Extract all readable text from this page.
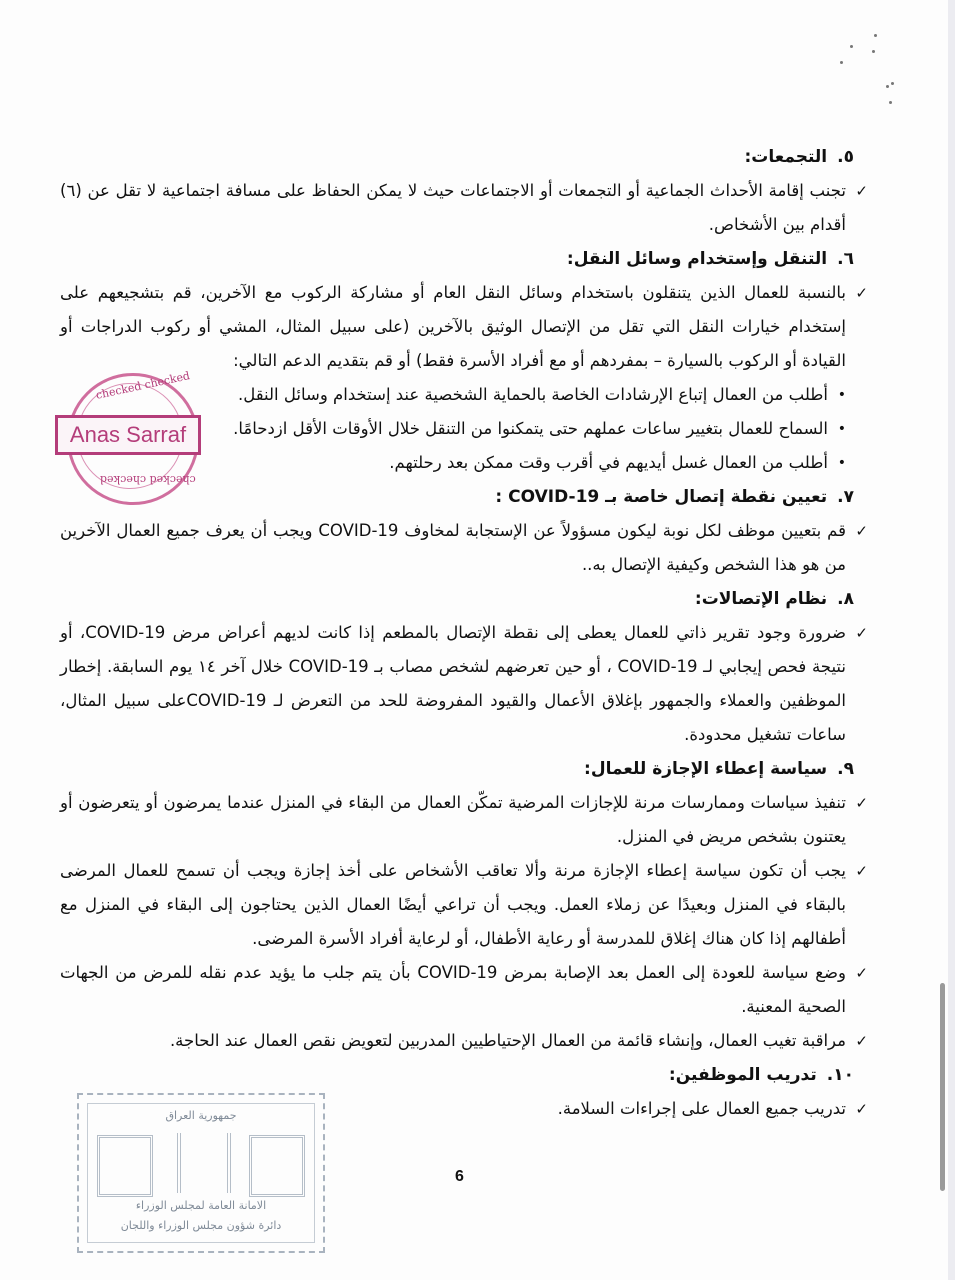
٥.التجمعات:
✓
تجنب إقامة الأحداث الجماعية أو التجمعات أو الاجتماعات حيث لا يمكن الحفاظ على مسافة اجتماعية لا تقل عن (٦) أقدام بين الأشخاص.
٦.التنقل وإستخدام وسائل النقل:
✓
بالنسبة للعمال الذين يتنقلون باستخدام وسائل النقل العام أو مشاركة الركوب مع الآخرين، قم بتشجيعهم على إستخدام خيارات النقل التي تقل من الإتصال الوثيق بالآخرين (على سبيل المثال، المشي أو ركوب الدراجات أو القيادة أو الركوب بالسيارة – بمفردهم أو مع أفراد الأسرة فقط) أو قم بتقديم الدعم التالي:
•
أطلب من العمال إتباع الإرشادات الخاصة بالحماية الشخصية عند إستخدام وسائل النقل.
•
السماح للعمال بتغيير ساعات عملهم حتى يتمكنوا من التنقل خلال الأوقات الأقل ازدحامًا.
•
أطلب من العمال غسل أيديهم في أقرب وقت ممكن بعد رحلتهم.
٧.تعيين نقطة إتصال خاصة بـ COVID-19 :
✓
قم بتعيين موظف لكل نوبة ليكون مسؤولاً عن الإستجابة لمخاوف COVID-19 ويجب أن يعرف جميع العمال الآخرين من هو هذا الشخص وكيفية الإتصال به..
٨.نظام الإتصالات:
✓
ضرورة وجود تقرير ذاتي للعمال يعطى إلى نقطة الإتصال بالمطعم إذا كانت لديهم أعراض مرض COVID-19، أو نتيجة فحص إيجابي لـ COVID-19 ، أو حين تعرضهم لشخص مصاب بـ COVID-19 خلال آخر ١٤ يوم السابقة. إخطار الموظفين والعملاء والجمهور بإغلاق الأعمال والقيود المفروضة للحد من التعرض لـ COVID-19على سبيل المثال، ساعات تشغيل محدودة.
٩.سياسة إعطاء الإجازة للعمال:
✓
تنفيذ سياسات وممارسات مرنة للإجازات المرضية تمكّن العمال من البقاء في المنزل عندما يمرضون أو يتعرضون أو يعتنون بشخص مريض في المنزل.
✓
يجب أن تكون سياسة إعطاء الإجازة مرنة وألا تعاقب الأشخاص على أخذ إجازة ويجب أن تسمح للعمال المرضى بالبقاء في المنزل وبعيدًا عن زملاء العمل. ويجب أن تراعي أيضًا العمال الذين يحتاجون إلى البقاء في المنزل مع أطفالهم إذا كان هناك إغلاق للمدرسة أو رعاية الأطفال، أو لرعاية أفراد الأسرة المرضى.
✓
وضع سياسة للعودة إلى العمل بعد الإصابة بمرض COVID-19 بأن يتم جلب ما يؤيد عدم نقله للمرض من الجهات الصحية المعنية.
✓
مراقبة تغيب العمال، وإنشاء قائمة من العمال الإحتياطيين المدربين لتعويض نقص العمال عند الحاجة.
١٠.تدريب الموظفين:
✓
تدريب جميع العمال على إجراءات السلامة.
checked checked
Anas Sarraf
checked checked
جمهورية العراق
الامانة العامة لمجلس الوزراء
دائرة شؤون مجلس الوزراء واللجان
6
